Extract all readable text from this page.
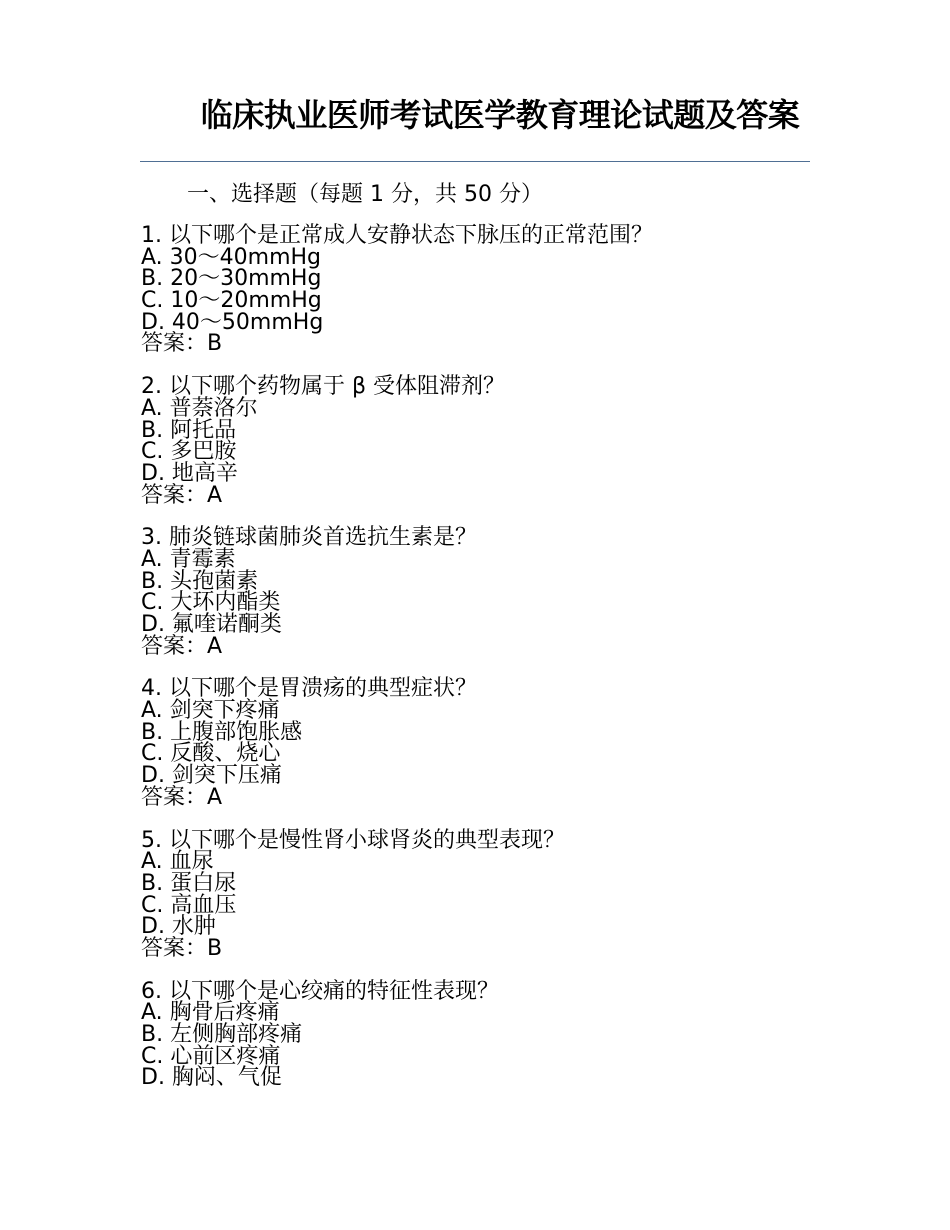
临床执业医师考试医学教育理论试题及答案
一、选择题（每题 1 分，共 50 分）
1. 以下哪个是正常成人安静状态下脉压的正常范围？
A. 30～40mmHg
B. 20～30mmHg
C. 10～20mmHg
D. 40～50mmHg
答案：B
2. 以下哪个药物属于 β 受体阻滞剂？
A. 普萘洛尔
B. 阿托品
C. 多巴胺
D. 地高辛
答案：A
3. 肺炎链球菌肺炎首选抗生素是？
A. 青霉素
B. 头孢菌素
C. 大环内酯类
D. 氟喹诺酮类
答案：A
4. 以下哪个是胃溃疡的典型症状？
A. 剑突下疼痛
B. 上腹部饱胀感
C. 反酸、烧心
D. 剑突下压痛
答案：A
5. 以下哪个是慢性肾小球肾炎的典型表现？
A. 血尿
B. 蛋白尿
C. 高血压
D. 水肿
答案：B
6. 以下哪个是心绞痛的特征性表现？
A. 胸骨后疼痛
B. 左侧胸部疼痛
C. 心前区疼痛
D. 胸闷、气促
